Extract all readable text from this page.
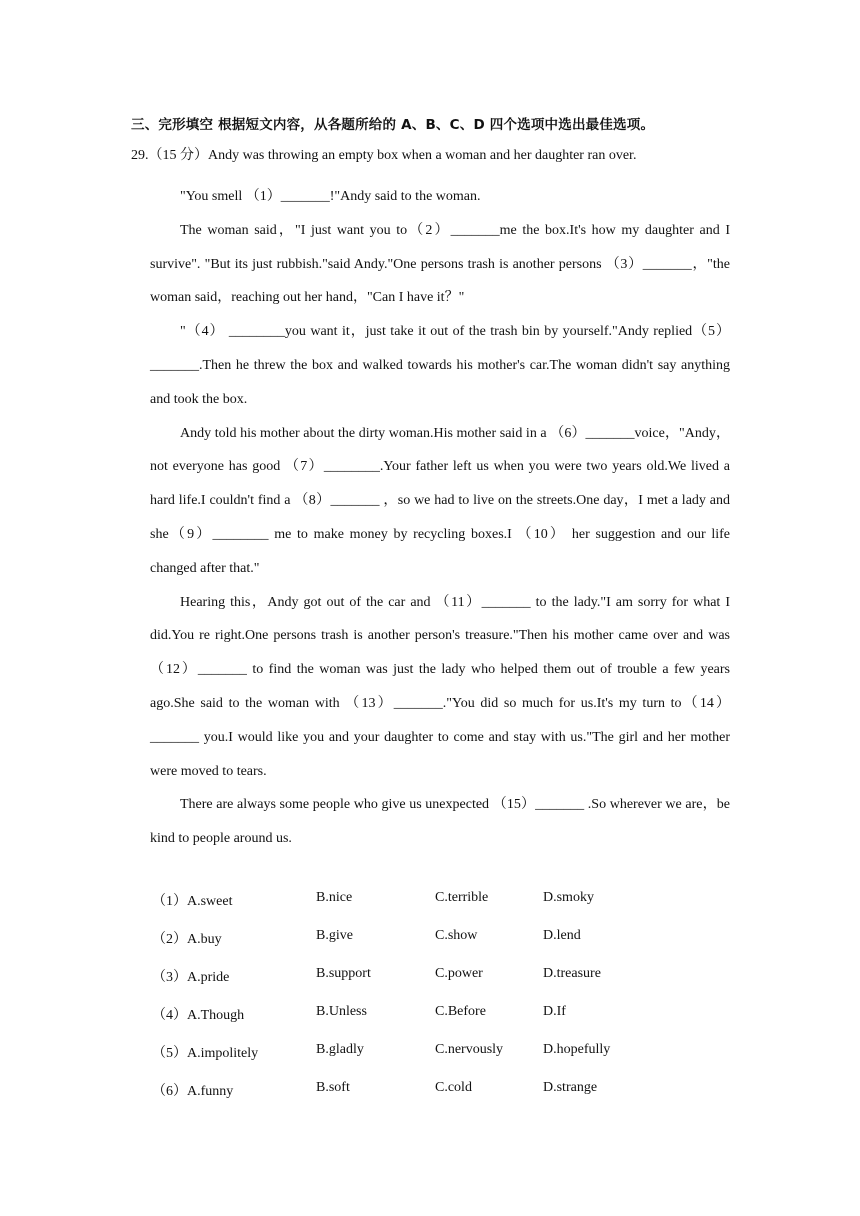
三、完形填空 根据短文内容，从各题所给的 A、B、C、D 四个选项中选出最佳选项。
29.（15 分）Andy was throwing an empty box when a woman and her daughter ran over.

"You smell （1）_______!"Andy said to the woman.

The woman said，"I just want you to（2）_______me the box.It's how my daughter and I survive". "But its just rubbish."said Andy."One persons trash is another persons （3）_______，"the woman said，reaching out her hand，"Can I have it？"

"（4） ________you want it，just take it out of the trash bin by yourself."Andy replied（5）_______.Then he threw the box and walked towards his mother's car.The woman didn't say anything and took the box.

Andy told his mother about the dirty woman.His mother said in a （6）_______voice，"Andy，not everyone has good （7）________.Your father left us when you were two years old.We lived a hard life.I couldn't find a （8）_______ ，so we had to live on the streets.One day，I met a lady and she（9）________ me to make money by recycling boxes.I （10） her suggestion and our life changed after that."

Hearing this，Andy got out of the car and （11）_______ to the lady."I am sorry for what I did.You re right.One persons trash is another person's treasure."Then his mother came over and was （12）_______ to find the woman was just the lady who helped them out of trouble a few years ago.She said to the woman with （13）_______."You did so much for us.It's my turn to（14）_______ you.I would like you and your daughter to come and stay with us."The girl and her mother were moved to tears.

There are always some people who give us unexpected （15）_______ .So wherever we are，be kind to people around us.

（1）A.sweet	B.nice	C.terrible	D.smoky
（2）A.buy	B.give	C.show	D.lend
（3）A.pride	B.support	C.power	D.treasure
（4）A.Though	B.Unless	C.Before	D.If
（5）A.impolitely	B.gladly	C.nervously	D.hopefully
（6）A.funny	B.soft	C.cold	D.strange
